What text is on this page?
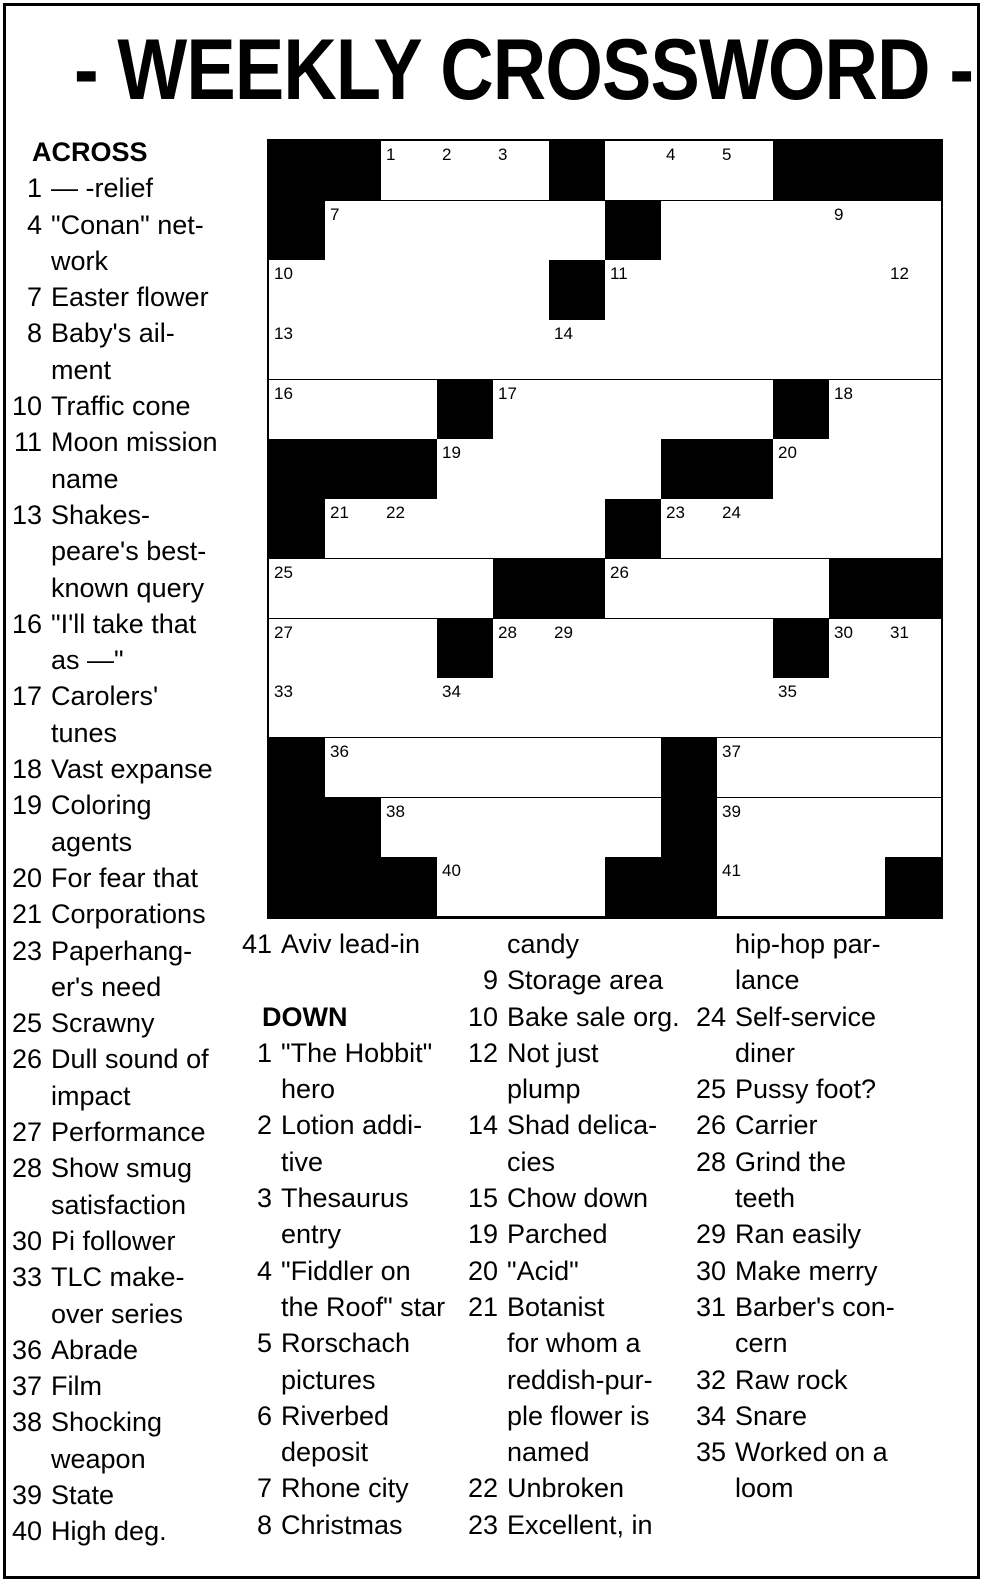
- WEEKLY CROSSWORD -
1	2	3	4	5
7	9
10	11	12
13	14
16	17	18
19	20
21 22	23 24
25	26
27	28 29	30 31
33	34	35
36	37
38	39
40	41
ACROSS
1 — -relief
4 "Conan" net-
work
7 Easter flower
8 Baby's ail-
ment
10 Traffic cone
11 Moon mission
name
13 Shakes-
peare's best-
known query
16 "I'll take that
as —"
17 Carolers'
tunes
18 Vast expanse
19 Coloring
agents
20 For fear that
21 Corporations
23 Paperhang-
er's need
25 Scrawny
26 Dull sound of
impact
27 Performance
28 Show smug
satisfaction
30 Pi follower
33 TLC make-
over series
36 Abrade
37 Film
38 Shocking
weapon
39 State
40 High deg.
41 Aviv lead-in
DOWN
1 "The Hobbit"
hero
2 Lotion addi-
tive
3 Thesaurus
entry
4 "Fiddler on
the Roof" star
5 Rorschach
pictures
6 Riverbed
deposit
7 Rhone city
8 Christmas
candy
9 Storage area
10 Bake sale org.
12 Not just
plump
14 Shad delica-
cies
15 Chow down
19 Parched
20 "Acid"
21 Botanist
for whom a
reddish-pur-
ple flower is
named
22 Unbroken
23 Excellent, in
hip-hop par-
lance
24 Self-service
diner
25 Pussy foot?
26 Carrier
28 Grind the
teeth
29 Ran easily
30 Make merry
31 Barber's con-
cern
32 Raw rock
34 Snare
35 Worked on a
loom
